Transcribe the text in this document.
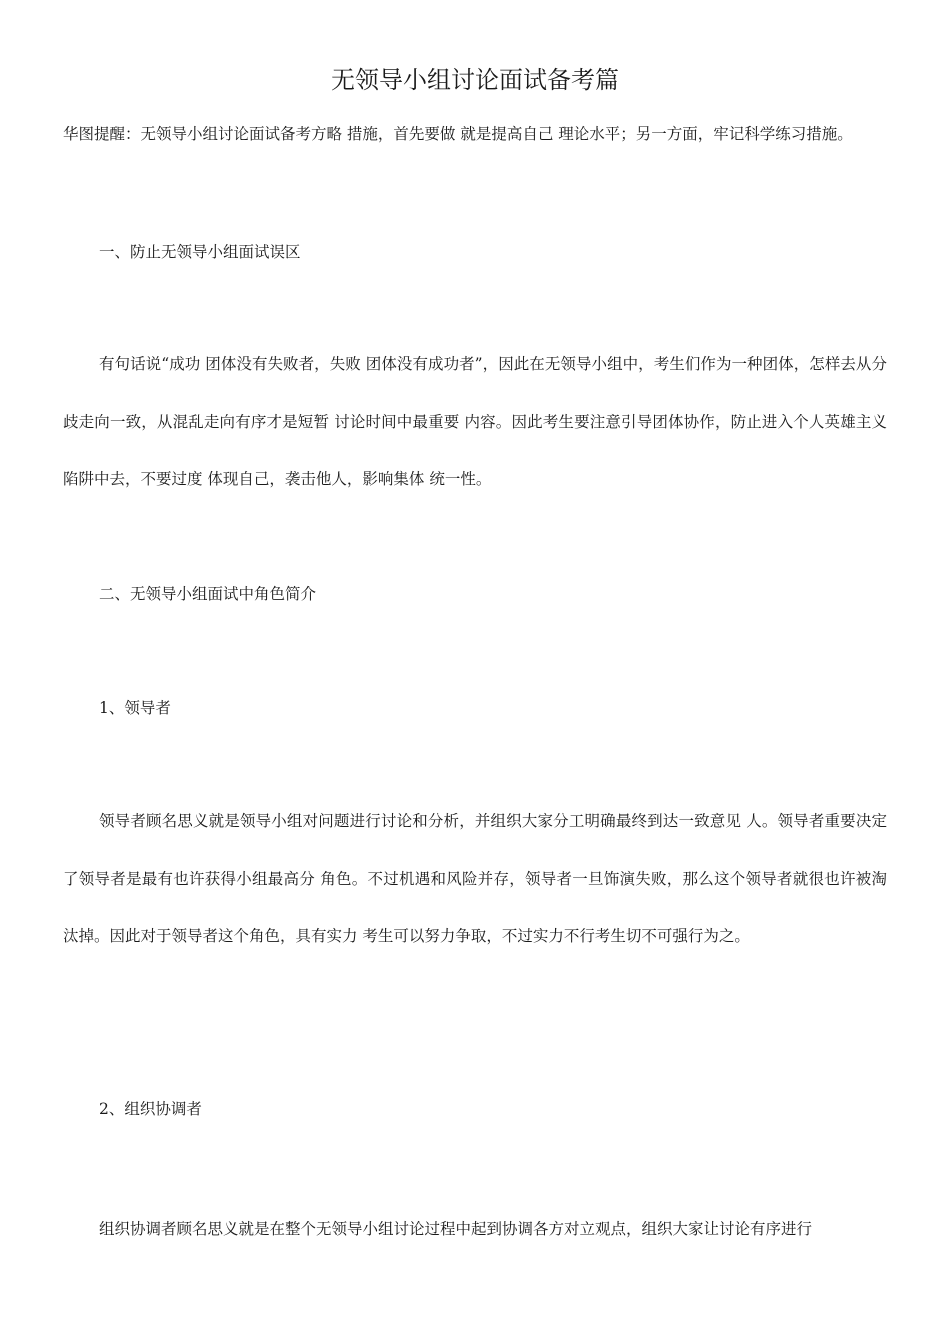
无领导小组讨论面试备考篇

华图提醒：无领导小组讨论面试备考方略 措施，首先要做 就是提高自己 理论水平；另一方面，牢记科学练习措施。

一、防止无领导小组面试误区

有句话说“成功 团体没有失败者，失败 团体没有成功者”，因此在无领导小组中，考生们作为一种团体，怎样去从分歧走向一致，从混乱走向有序才是短暂 讨论时间中最重要 内容。因此考生要注意引导团体协作，防止进入个人英雄主义 陷阱中去，不要过度 体现自己，袭击他人，影响集体 统一性。

二、无领导小组面试中角色简介
1、领导者

领导者顾名思义就是领导小组对问题进行讨论和分析，并组织大家分工明确最终到达一致意见 人。领导者重要决定了领导者是最有也许获得小组最高分 角色。不过机遇和风险并存，领导者一旦饰演失败，那么这个领导者就很也许被淘汰掉。因此对于领导者这个角色，具有实力 考生可以努力争取，不过实力不行考生切不可强行为之。

2、组织协调者

组织协调者顾名思义就是在整个无领导小组讨论过程中起到协调各方对立观点，组织大家让讨论有序进行
